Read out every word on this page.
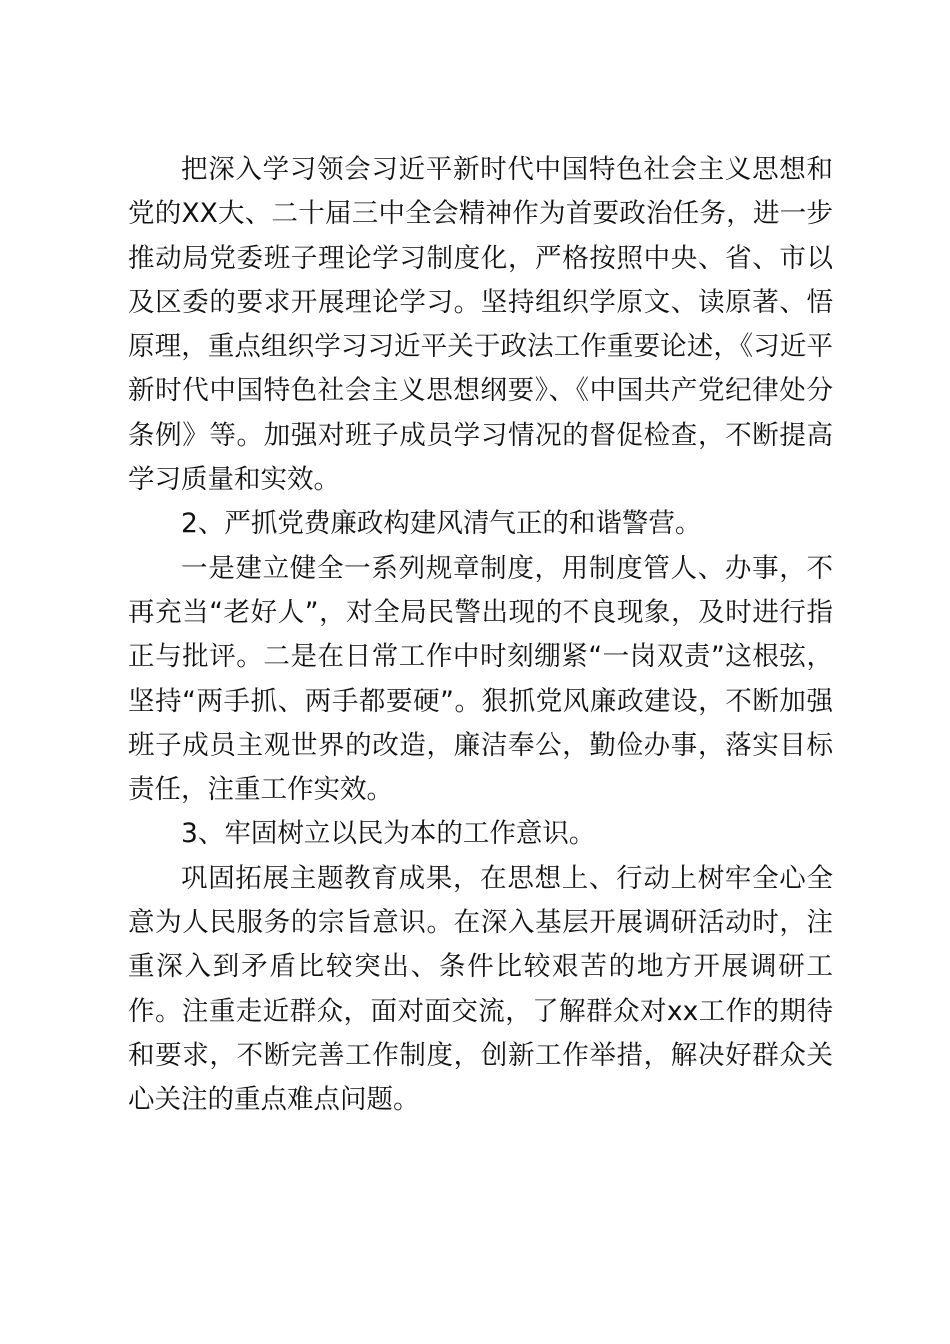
把深入学习领会习近平新时代中国特色社会主义思想和党的XX大、二十届三中全会精神作为首要政治任务，进一步推动局党委班子理论学习制度化，严格按照中央、省、市以及区委的要求开展理论学习。坚持组织学原文、读原著、悟原理，重点组织学习习近平关于政法工作重要论述，《习近平新时代中国特色社会主义思想纲要》、《中国共产党纪律处分条例》等。加强对班子成员学习情况的督促检查，不断提高学习质量和实效。

2、严抓党费廉政构建风清气正的和谐警营。

一是建立健全一系列规章制度，用制度管人、办事，不再充当“老好人”，对全局民警出现的不良现象，及时进行指正与批评。二是在日常工作中时刻绷紧“一岗双责”这根弦，坚持“两手抓、两手都要硬”。狠抓党风廉政建设，不断加强班子成员主观世界的改造，廉洁奉公，勤俭办事，落实目标责任，注重工作实效。

3、牢固树立以民为本的工作意识。

巩固拓展主题教育成果，在思想上、行动上树牢全心全意为人民服务的宗旨意识。在深入基层开展调研活动时，注重深入到矛盾比较突出、条件比较艰苦的地方开展调研工作。注重走近群众，面对面交流，了解群众对xx工作的期待和要求，不断完善工作制度，创新工作举措，解决好群众关心关注的重点难点问题。
